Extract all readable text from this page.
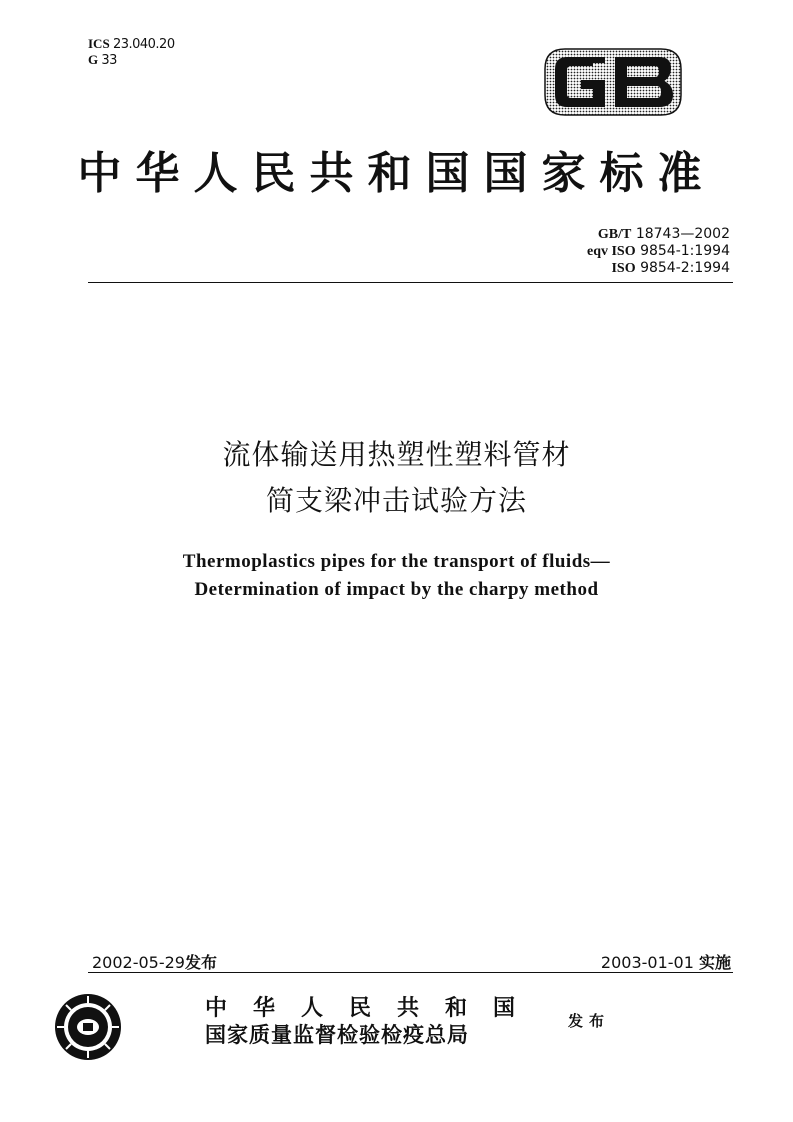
ICS 23.040.20
G 33
中华人民共和国国家标准
GB/T 18743—2002
eqv ISO 9854-1:1994
ISO 9854-2:1994
流体输送用热塑性塑料管材
简支梁冲击试验方法
Thermoplastics pipes for the transport of fluids—
Determination of impact by the charpy method
2002-05-29发布	2003-01-01 实施
中华人民共和国
国家质量监督检验检疫总局
发布
